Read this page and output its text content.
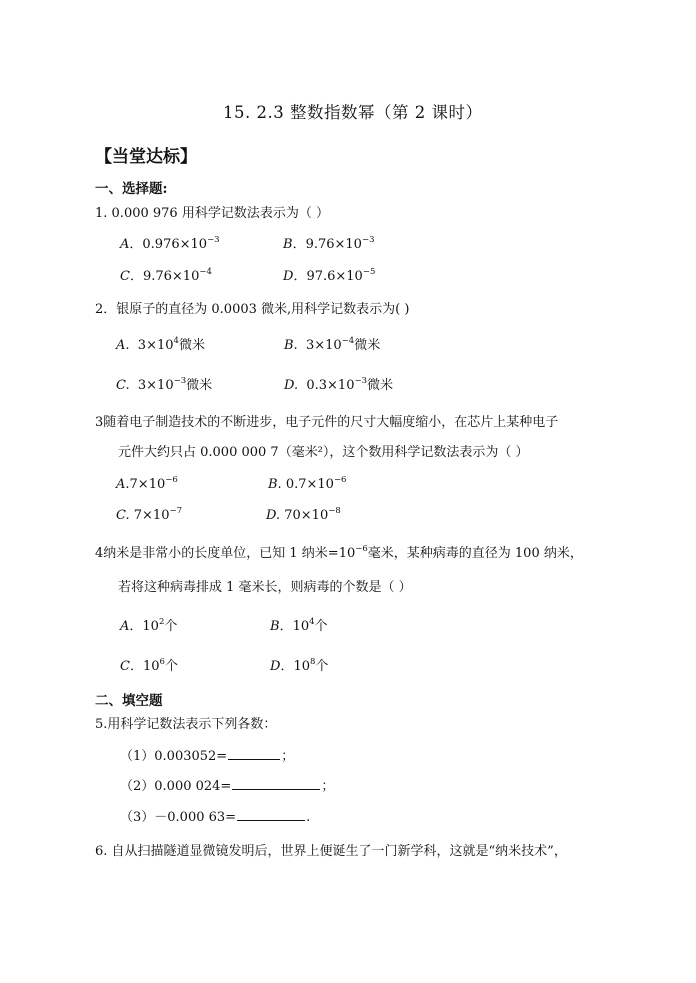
15. 2.3 整数指数幂（第 2 课时）
【当堂达标】
一、选择题:
1. 0.000 976 用科学记数法表示为（ ）
A．$0.976\times 10^{-3}$	B．$9.76\times 10^{-3}$
C．$9.76\times 10^{-4}$	D．$97.6\times 10^{-5}$
2．银原子的直径为 0.0003 微米,用科学记数表示为( )
A. $3\times 10^4$微米	B. $3\times 10^{-4}$微米
C. $3\times 10^{-3}$微米	D. $0.3\times 10^{-3}$微米
3随着电子制造技术的不断进步，电子元件的尺寸大幅度缩小，在芯片上某种电子
元件大约只占 0.000 000 7（毫米²），这个数用科学记数法表示为（ ）
$A.7\times 10^{-6}$	B. $0.7\times 10^{-6}$
C. $7\times 10^{-7}$	D. $70\times 10^{-8}$
4纳米是非常小的长度单位，已知 1 纳米$=10^{-6}$毫米，某种病毒的直径为 100 纳米，
若将这种病毒排成 1 毫米长，则病毒的个数是（ ）
A．$10^2$个	B．$10^4$个
C．$10^6$个	D．$10^8$个
二、填空题
5.用科学记数法表示下列各数：
（1）0.003052=	；
（2）0.000 024=	；
（3）－0.000 63=	.
6. 自从扫描隧道显微镜发明后，世界上便诞生了一门新学科，这就是“纳米技术”，
